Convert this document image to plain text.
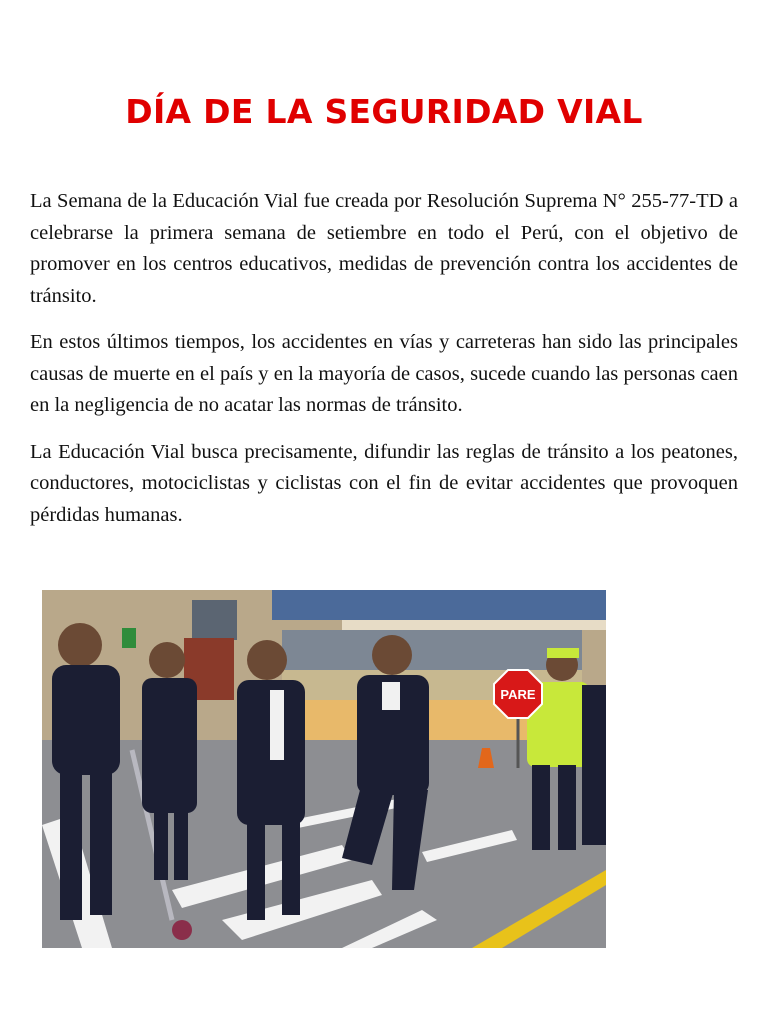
DÍA DE LA SEGURIDAD VIAL

La Semana de la Educación Vial fue creada por Resolución Suprema N° 255-77-TD a celebrarse la primera semana de setiembre en todo el Perú, con el objetivo de promover en los centros educativos, medidas de prevención contra los accidentes de tránsito.

En estos últimos tiempos, los accidentes en vías y carreteras han sido las principales causas de muerte en el país y en la mayoría de casos, sucede cuando las personas caen en la negligencia de no acatar las normas de tránsito.

La Educación Vial busca precisamente, difundir las reglas de tránsito a los peatones, conductores, motociclistas y ciclistas con el fin de evitar accidentes que provoquen pérdidas humanas.

PARE
